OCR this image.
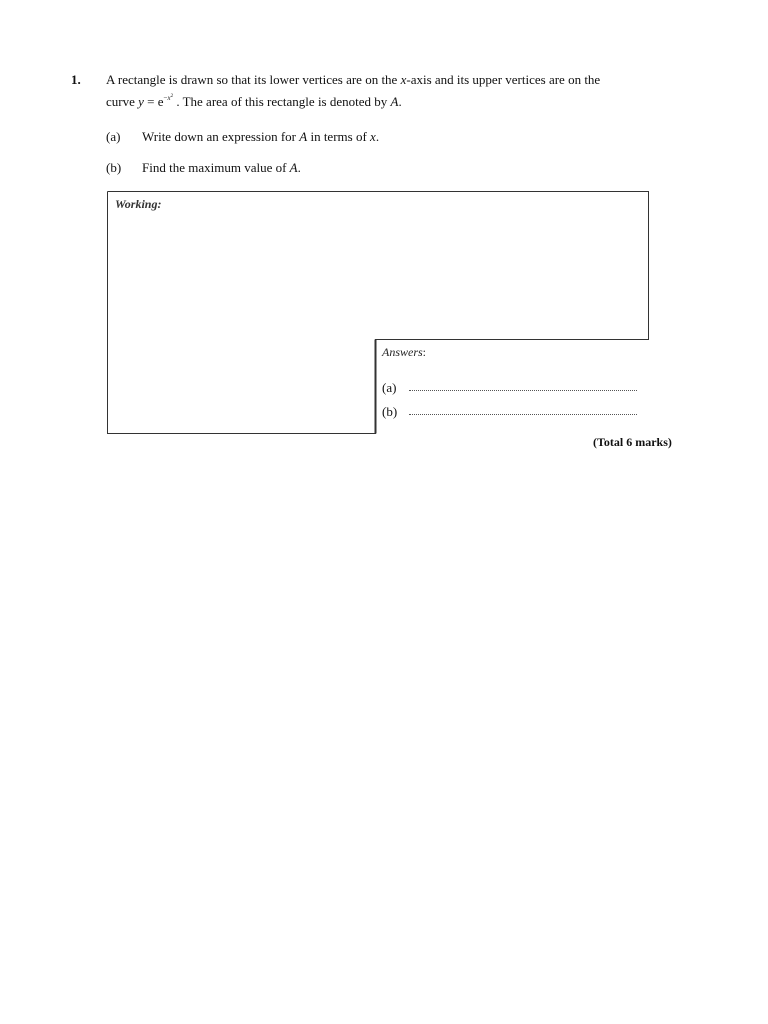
1. A rectangle is drawn so that its lower vertices are on the x-axis and its upper vertices are on the
curve $y = e^{-x^2}$ . The area of this rectangle is denoted by A.
(a) Write down an expression for A in terms of x.
(b) Find the maximum value of A.
Working:
Answers:
(a)
(b)
(Total 6 marks)
